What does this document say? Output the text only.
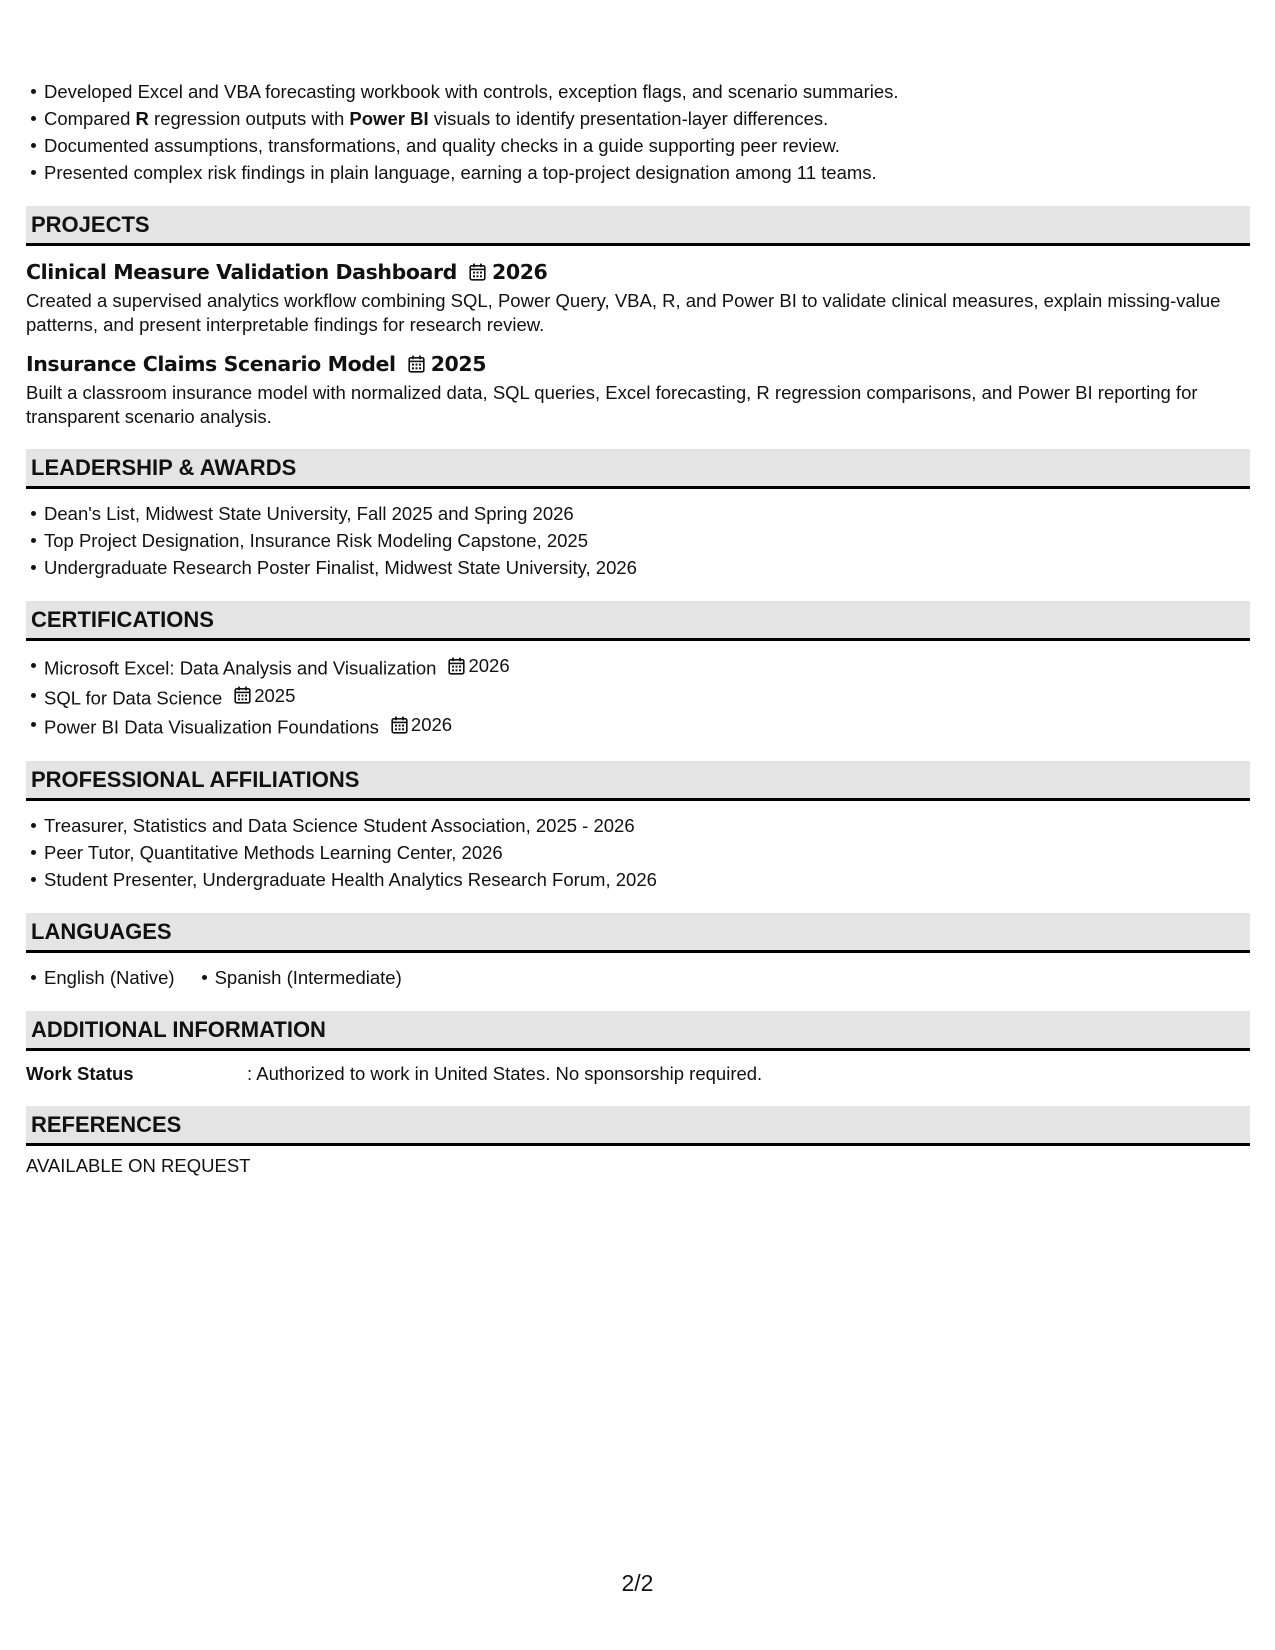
Developed Excel and VBA forecasting workbook with controls, exception flags, and scenario summaries.
Compared R regression outputs with Power BI visuals to identify presentation-layer differences.
Documented assumptions, transformations, and quality checks in a guide supporting peer review.
Presented complex risk findings in plain language, earning a top-project designation among 11 teams.
PROJECTS
Clinical Measure Validation Dashboard 2026
Created a supervised analytics workflow combining SQL, Power Query, VBA, R, and Power BI to validate clinical measures, explain missing-value patterns, and present interpretable findings for research review.
Insurance Claims Scenario Model 2025
Built a classroom insurance model with normalized data, SQL queries, Excel forecasting, R regression comparisons, and Power BI reporting for transparent scenario analysis.
LEADERSHIP & AWARDS
Dean's List, Midwest State University, Fall 2025 and Spring 2026
Top Project Designation, Insurance Risk Modeling Capstone, 2025
Undergraduate Research Poster Finalist, Midwest State University, 2026
CERTIFICATIONS
Microsoft Excel: Data Analysis and Visualization 2026
SQL for Data Science 2025
Power BI Data Visualization Foundations 2026
PROFESSIONAL AFFILIATIONS
Treasurer, Statistics and Data Science Student Association, 2025 - 2026
Peer Tutor, Quantitative Methods Learning Center, 2026
Student Presenter, Undergraduate Health Analytics Research Forum, 2026
LANGUAGES
English (Native) Spanish (Intermediate)
ADDITIONAL INFORMATION
Work Status	: Authorized to work in United States. No sponsorship required.
REFERENCES
AVAILABLE ON REQUEST
2/2
